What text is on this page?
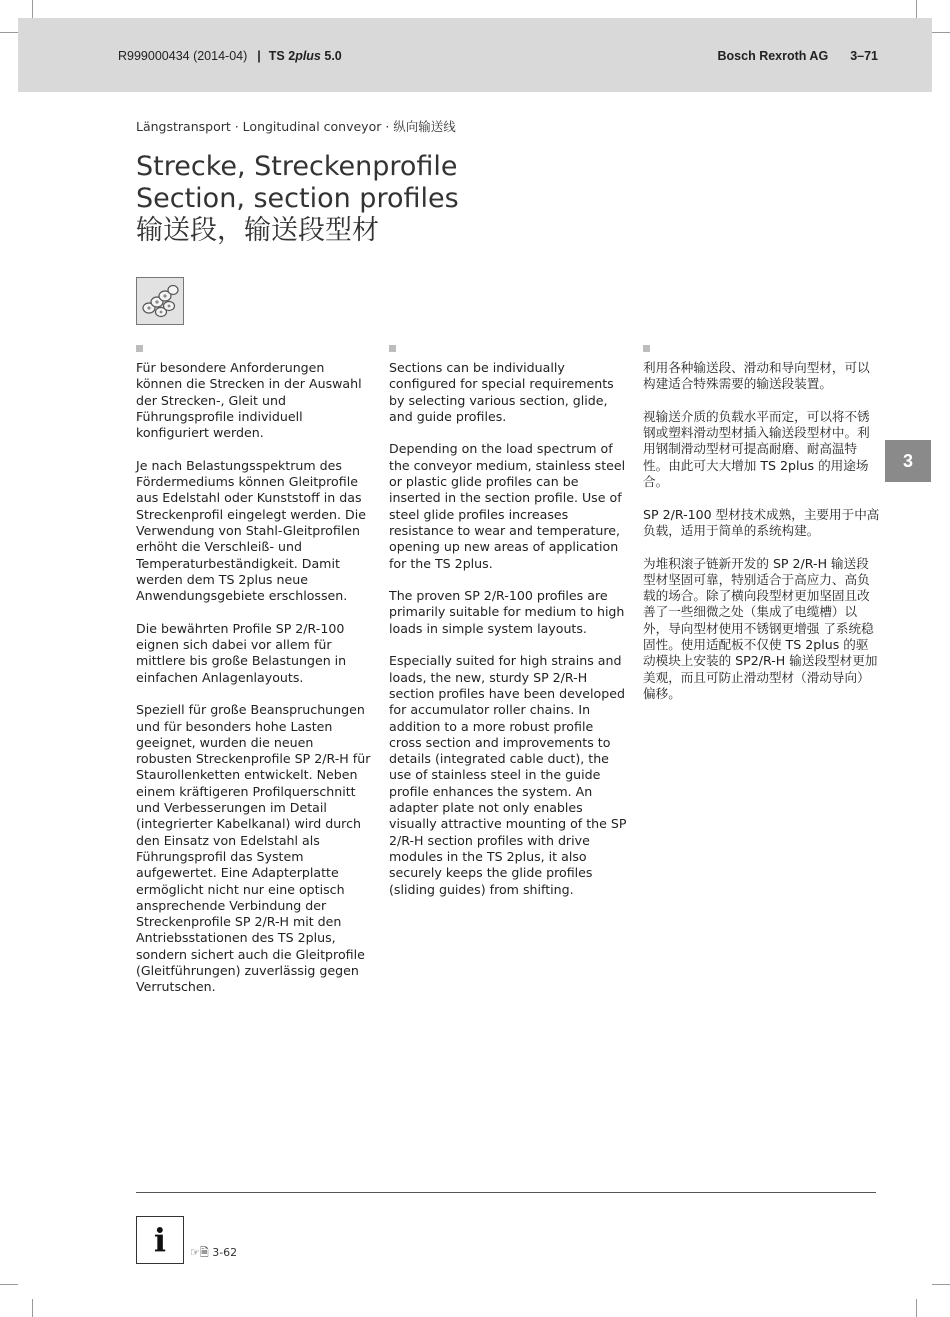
R999000434 (2014-04) | TS 2plus 5.0	Bosch Rexroth AG 3–71
Längstransport · Longitudinal conveyor · 纵向输送线
Strecke, Streckenprofile
Section, section profiles
输送段，输送段型材

Für besondere Anforderungen können die Strecken in der Auswahl der Strecken-, Gleit und Führungsprofile individuell konfiguriert werden.

Je nach Belastungsspektrum des Fördermediums können Gleitprofile aus Edelstahl oder Kunststoff in das Streckenprofil eingelegt werden. Die Verwendung von Stahl-Gleitprofilen erhöht die Verschleiß- und Temperaturbeständigkeit. Damit werden dem TS 2plus neue Anwendungsgebiete erschlossen.

Die bewährten Profile SP 2/R-100 eignen sich dabei vor allem für mittlere bis große Belastungen in einfachen Anlagenlayouts.

Speziell für große Beanspruchungen und für besonders hohe Lasten geeignet, wurden die neuen robusten Streckenprofile SP 2/R-H für Staurollenketten entwickelt. Neben einem kräftigeren Profilquerschnitt und Verbesserungen im Detail (integrierter Kabelkanal) wird durch den Einsatz von Edelstahl als Führungsprofil das System aufgewertet. Eine Adapterplatte ermöglicht nicht nur eine optisch ansprechende Verbindung der Streckenprofile SP 2/R-H mit den Antriebsstationen des TS 2plus, sondern sichert auch die Gleitprofile (Gleitführungen) zuverlässig gegen Verrutschen.

Sections can be individually configured for special requirements by selecting various section, glide, and guide profiles.

Depending on the load spectrum of the conveyor medium, stainless steel or plastic glide profiles can be inserted in the section profile. Use of steel glide profiles increases resistance to wear and temperature, opening up new areas of application for the TS 2plus.

The proven SP 2/R-100 profiles are primarily suitable for medium to high loads in simple system layouts.

Especially suited for high strains and loads, the new, sturdy SP 2/R-H section profiles have been developed for accumulator roller chains. In addition to a more robust profile cross section and improvements to details (integrated cable duct), the use of stainless steel in the guide profile enhances the system. An adapter plate not only enables visually attractive mounting of the SP 2/R-H section profiles with drive modules in the TS 2plus, it also securely keeps the glide profiles (sliding guides) from shifting.

利用各种输送段、滑动和导向型材，可以构建适合特殊需要的输送段装置。

视输送介质的负载水平而定，可以将不锈钢或塑料滑动型材插入输送段型材中。利用钢制滑动型材可提高耐磨、耐高温特性。由此可大大增加 TS 2plus 的用途场合。

SP 2/R-100 型材技术成熟，主要用于中高负载，适用于简单的系统构建。

为堆积滚子链新开发的 SP 2/R-H 输送段型材坚固可靠，特别适合于高应力、高负载的场合。除了横向段型材更加坚固且改善了一些细微之处（集成了电缆槽）以外，导向型材使用不锈钢更增强 了系统稳固性。使用适配板不仅使 TS 2plus 的驱动模块上安装的 SP2/R-H 输送段型材更加美观，而且可防止滑动型材（滑动导向）偏移。

3
i	☞🗎 3-62
